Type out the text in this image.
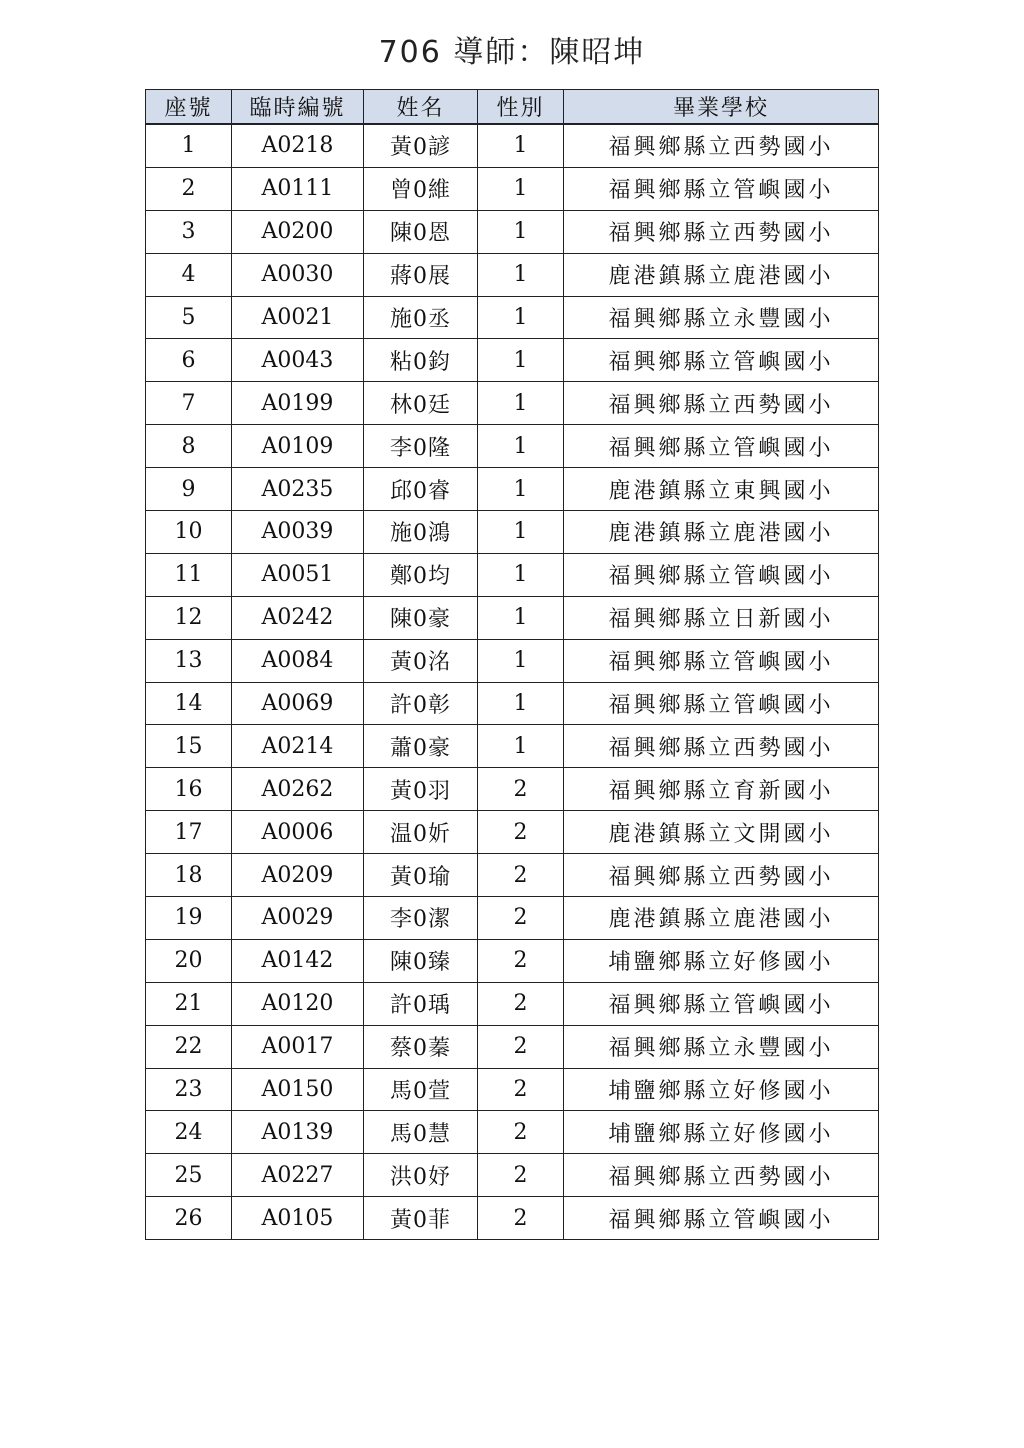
706 導師：陳昭坤
座號	臨時編號	姓名	性別	畢業學校
1	A0218	黃0諺	1	福興鄉縣立西勢國小
2	A0111	曾0維	1	福興鄉縣立管嶼國小
3	A0200	陳0恩	1	福興鄉縣立西勢國小
4	A0030	蔣0展	1	鹿港鎮縣立鹿港國小
5	A0021	施0丞	1	福興鄉縣立永豐國小
6	A0043	粘0鈞	1	福興鄉縣立管嶼國小
7	A0199	林0廷	1	福興鄉縣立西勢國小
8	A0109	李0隆	1	福興鄉縣立管嶼國小
9	A0235	邱0睿	1	鹿港鎮縣立東興國小
10	A0039	施0鴻	1	鹿港鎮縣立鹿港國小
11	A0051	鄭0均	1	福興鄉縣立管嶼國小
12	A0242	陳0豪	1	福興鄉縣立日新國小
13	A0084	黃0洺	1	福興鄉縣立管嶼國小
14	A0069	許0彰	1	福興鄉縣立管嶼國小
15	A0214	蕭0豪	1	福興鄉縣立西勢國小
16	A0262	黃0羽	2	福興鄉縣立育新國小
17	A0006	温0妡	2	鹿港鎮縣立文開國小
18	A0209	黃0瑜	2	福興鄉縣立西勢國小
19	A0029	李0潔	2	鹿港鎮縣立鹿港國小
20	A0142	陳0臻	2	埔鹽鄉縣立好修國小
21	A0120	許0瑀	2	福興鄉縣立管嶼國小
22	A0017	蔡0蓁	2	福興鄉縣立永豐國小
23	A0150	馬0萱	2	埔鹽鄉縣立好修國小
24	A0139	馬0慧	2	埔鹽鄉縣立好修國小
25	A0227	洪0妤	2	福興鄉縣立西勢國小
26	A0105	黃0菲	2	福興鄉縣立管嶼國小
